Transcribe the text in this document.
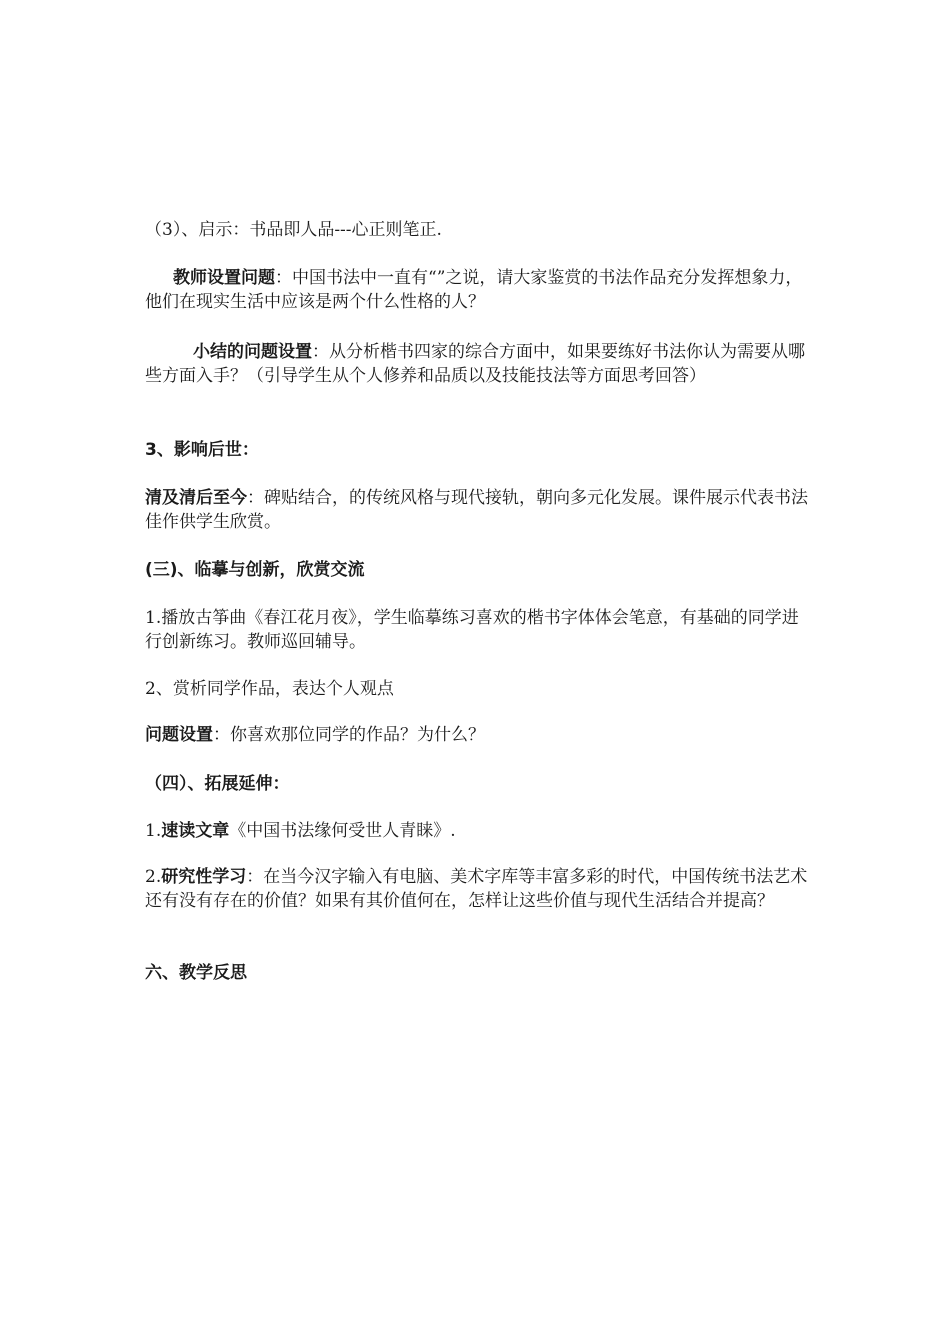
（3）、启示：书品即人品---心正则笔正.
教师设置问题：中国书法中一直有“”之说，请大家鉴赏的书法作品充分发挥想象力，他们在现实生活中应该是两个什么性格的人？
小结的问题设置：从分析楷书四家的综合方面中，如果要练好书法你认为需要从哪些方面入手？（引导学生从个人修养和品质以及技能技法等方面思考回答）
3、影响后世：
清及清后至今：碑贴结合，的传统风格与现代接轨，朝向多元化发展。课件展示代表书法佳作供学生欣赏。
(三)、临摹与创新，欣赏交流
1.播放古筝曲《春江花月夜》，学生临摹练习喜欢的楷书字体体会笔意，有基础的同学进行创新练习。教师巡回辅导。
2、赏析同学作品，表达个人观点
问题设置：你喜欢那位同学的作品？为什么？
（四）、拓展延伸：
1.速读文章《中国书法缘何受世人青睐》.
2.研究性学习：在当今汉字输入有电脑、美术字库等丰富多彩的时代，中国传统书法艺术还有没有存在的价值？如果有其价值何在，怎样让这些价值与现代生活结合并提高？
六、教学反思
